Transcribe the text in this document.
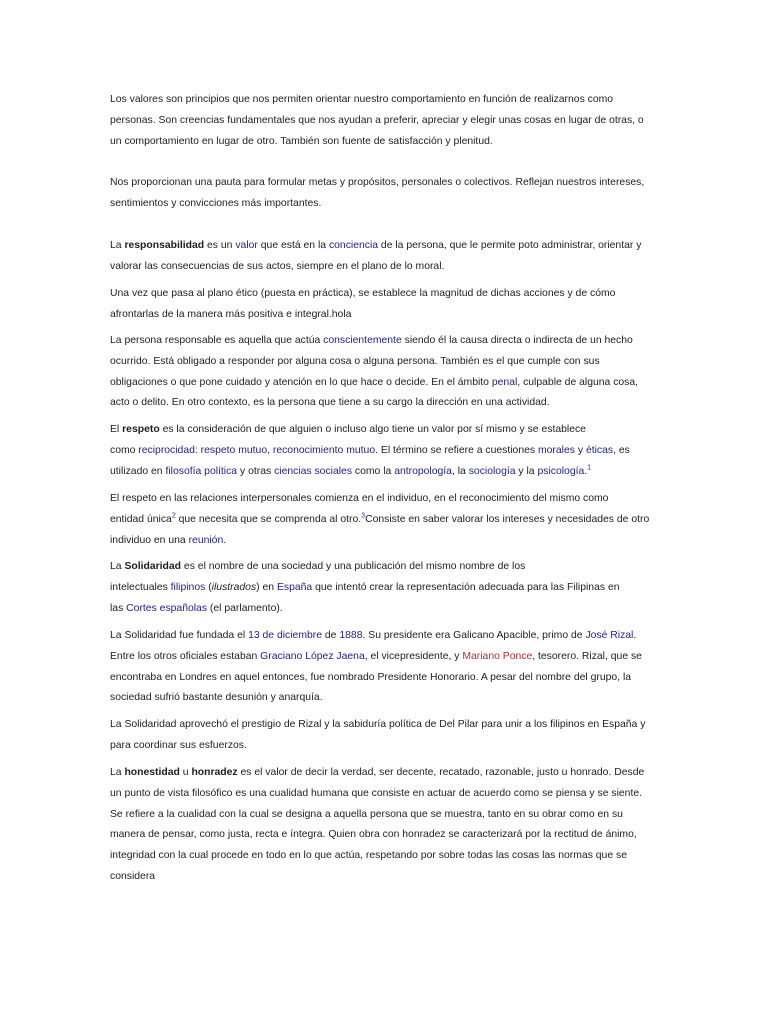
Los valores son principios que nos permiten orientar nuestro comportamiento en función de realizarnos como
personas. Son creencias fundamentales que nos ayudan a preferir, apreciar y elegir unas cosas en lugar de otras, o
un comportamiento en lugar de otro. También son fuente de satisfacción y plenitud.
Nos proporcionan una pauta para formular metas y propósitos, personales o colectivos. Reflejan nuestros intereses,
sentimientos y convicciones más importantes.
La responsabilidad es un valor que está en la conciencia de la persona, que le permite poto administrar, orientar y
valorar las consecuencias de sus actos, siempre en el plano de lo moral.
Una vez que pasa al plano ético (puesta en práctica), se establece la magnitud de dichas acciones y de cómo
afrontarlas de la manera más positiva e integral.hola
La persona responsable es aquella que actúa conscientemente siendo él la causa directa o indirecta de un hecho
ocurrido. Está obligado a responder por alguna cosa o alguna persona. También es el que cumple con sus
obligaciones o que pone cuidado y atención en lo que hace o decide. En el ámbito penal, culpable de alguna cosa,
acto o delito. En otro contexto, es la persona que tiene a su cargo la dirección en una actividad.
El respeto es la consideración de que alguien o incluso algo tiene un valor por sí mismo y se establece
como reciprocidad: respeto mutuo, reconocimiento mutuo. El término se refiere a cuestiones morales y éticas, es
utilizado en filosofía política y otras ciencias sociales como la antropología, la sociología y la psicología.$^1$
El respeto en las relaciones interpersonales comienza en el individuo, en el reconocimiento del mismo como
entidad única$^2$ que necesita que se comprenda al otro.$^3$Consiste en saber valorar los intereses y necesidades de otro
individuo en una reunión.
La Solidaridad es el nombre de una sociedad y una publicación del mismo nombre de los
intelectuales filipinos (ilustrados) en España que intentó crear la representación adecuada para las Filipinas en
las Cortes españolas (el parlamento).
La Solidaridad fue fundada el 13 de diciembre de 1888. Su presidente era Galicano Apacible, primo de José Rizal.
Entre los otros oficiales estaban Graciano López Jaena, el vicepresidente, y Mariano Ponce, tesorero. Rizal, que se
encontraba en Londres en aquel entonces, fue nombrado Presidente Honorario. A pesar del nombre del grupo, la
sociedad sufrió bastante desunión y anarquía.
La Solidaridad aprovechó el prestigio de Rizal y la sabiduría política de Del Pilar para unir a los filipinos en España y
para coordinar sus esfuerzos.
La honestidad u honradez es el valor de decir la verdad, ser decente, recatado, razonable, justo u honrado. Desde
un punto de vista filosófico es una cualidad humana que consiste en actuar de acuerdo como se piensa y se siente.
Se refiere a la cualidad con la cual se designa a aquella persona que se muestra, tanto en su obrar como en su
manera de pensar, como justa, recta e íntegra. Quien obra con honradez se caracterizará por la rectitud de ánimo,
integridad con la cual procede en todo en lo que actúa, respetando por sobre todas las cosas las normas que se
considera
